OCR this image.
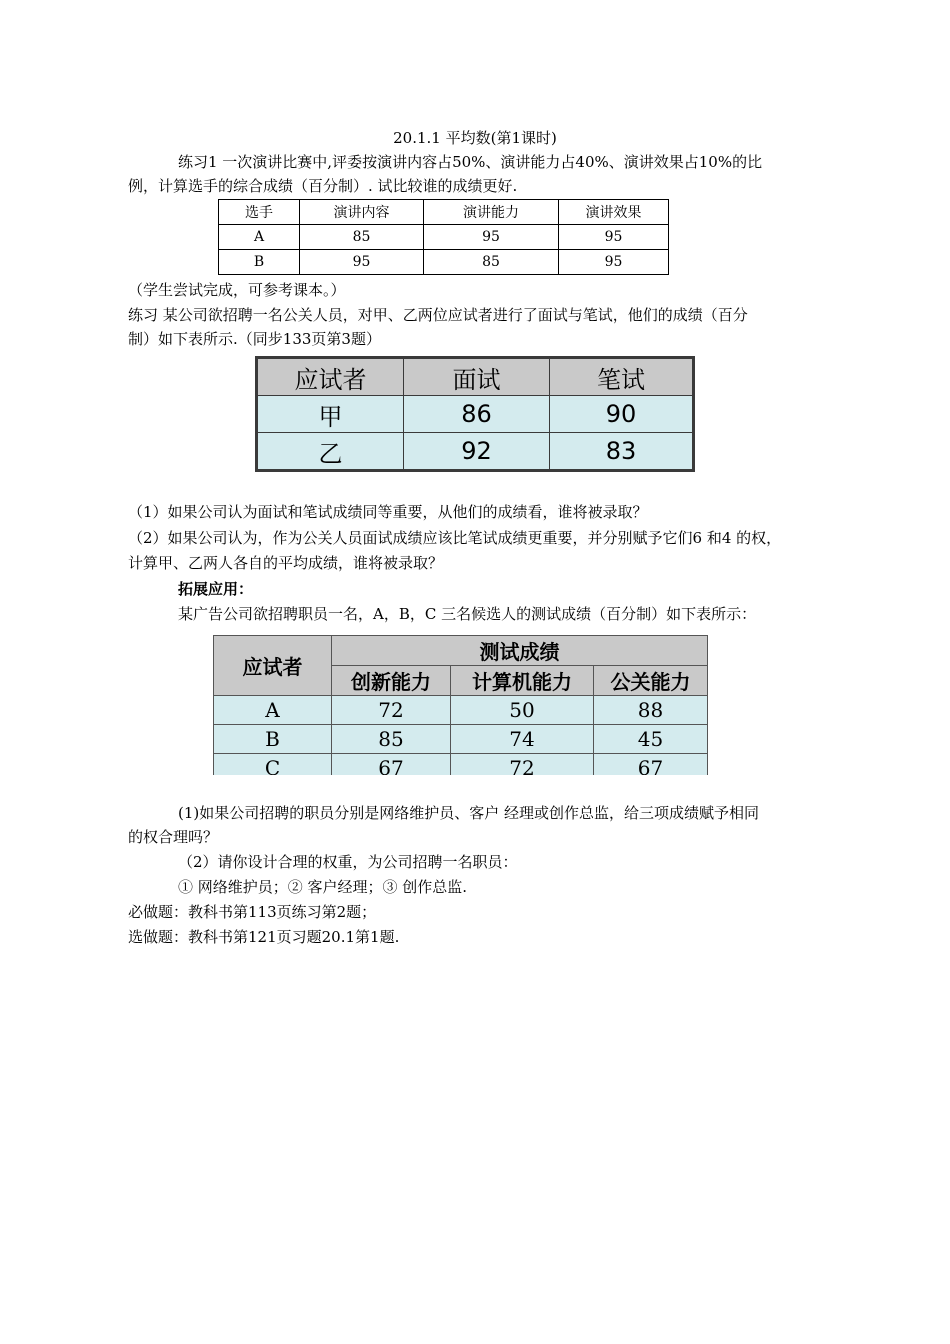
20.1.1 平均数(第1课时)
练习1 一次演讲比赛中,评委按演讲内容占50%、演讲能力占40%、演讲效果占10%的比
例，计算选手的综合成绩（百分制）. 试比较谁的成绩更好.
选手	演讲内容	演讲能力	演讲效果
A	85	95	95
B	95	85	95
（学生尝试完成，可参考课本。）
练习 某公司欲招聘一名公关人员，对甲、乙两位应试者进行了面试与笔试，他们的成绩（百分
制）如下表所示.（同步133页第3题）
应试者	面试	笔试
甲	86	90
乙	92	83
（1）如果公司认为面试和笔试成绩同等重要，从他们的成绩看，谁将被录取？
（2）如果公司认为，作为公关人员面试成绩应该比笔试成绩更重要，并分别赋予它们6 和4 的权，
计算甲、乙两人各自的平均成绩，谁将被录取？
拓展应用：
某广告公司欲招聘职员一名，A，B，C 三名候选人的测试成绩（百分制）如下表所示：
应试者	测试成绩		
	创新能力	计算机能力	公关能力
A	72	50	88
B	85	74	45
C	67	72	67
(1)如果公司招聘的职员分别是网络维护员、客户 经理或创作总监，给三项成绩赋予相同
的权合理吗？
（2）请你设计合理的权重，为公司招聘一名职员：
① 网络维护员；② 客户经理；③ 创作总监.
必做题：教科书第113页练习第2题；
选做题：教科书第121页习题20.1第1题.
